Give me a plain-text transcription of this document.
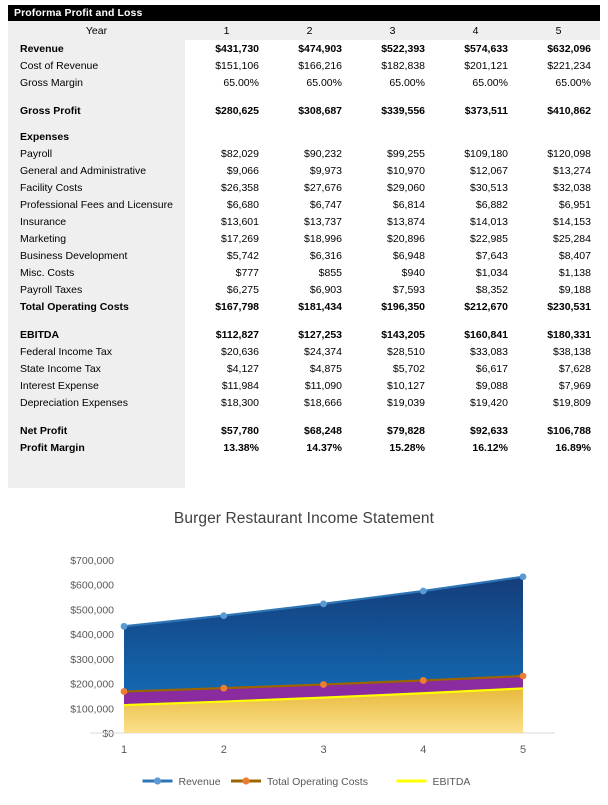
Proforma Profit and Loss
Year	1	2	3	4	5
Revenue	$431,730	$474,903	$522,393	$574,633	$632,096
Cost of Revenue	$151,106	$166,216	$182,838	$201,121	$221,234
Gross Margin	65.00%	65.00%	65.00%	65.00%	65.00%

Gross Profit	$280,625	$308,687	$339,556	$373,511	$410,862

Expenses					
Payroll	$82,029	$90,232	$99,255	$109,180	$120,098
General and Administrative	$9,066	$9,973	$10,970	$12,067	$13,274
Facility Costs	$26,358	$27,676	$29,060	$30,513	$32,038
Professional Fees and Licensure	$6,680	$6,747	$6,814	$6,882	$6,951
Insurance	$13,601	$13,737	$13,874	$14,013	$14,153
Marketing	$17,269	$18,996	$20,896	$22,985	$25,284
Business Development	$5,742	$6,316	$6,948	$7,643	$8,407
Misc. Costs	$777	$855	$940	$1,034	$1,138
Payroll Taxes	$6,275	$6,903	$7,593	$8,352	$9,188
Total Operating Costs	$167,798	$181,434	$196,350	$212,670	$230,531

EBITDA	$112,827	$127,253	$143,205	$160,841	$180,331
Federal Income Tax	$20,636	$24,374	$28,510	$33,083	$38,138
State Income Tax	$4,127	$4,875	$5,702	$6,617	$7,628
Interest Expense	$11,984	$11,090	$10,127	$9,088	$7,969
Depreciation Expenses	$18,300	$18,666	$19,039	$19,420	$19,809

Net Profit	$57,780	$68,248	$79,828	$92,633	$106,788
Profit Margin	13.38%	14.37%	15.28%	16.12%	16.89%
Burger Restaurant Income Statement
$0
$100,000
$200,000
$300,000
$400,000
$500,000
$600,000
$700,000
1	2	3	4	5
Revenue	Total Operating Costs	EBITDA
